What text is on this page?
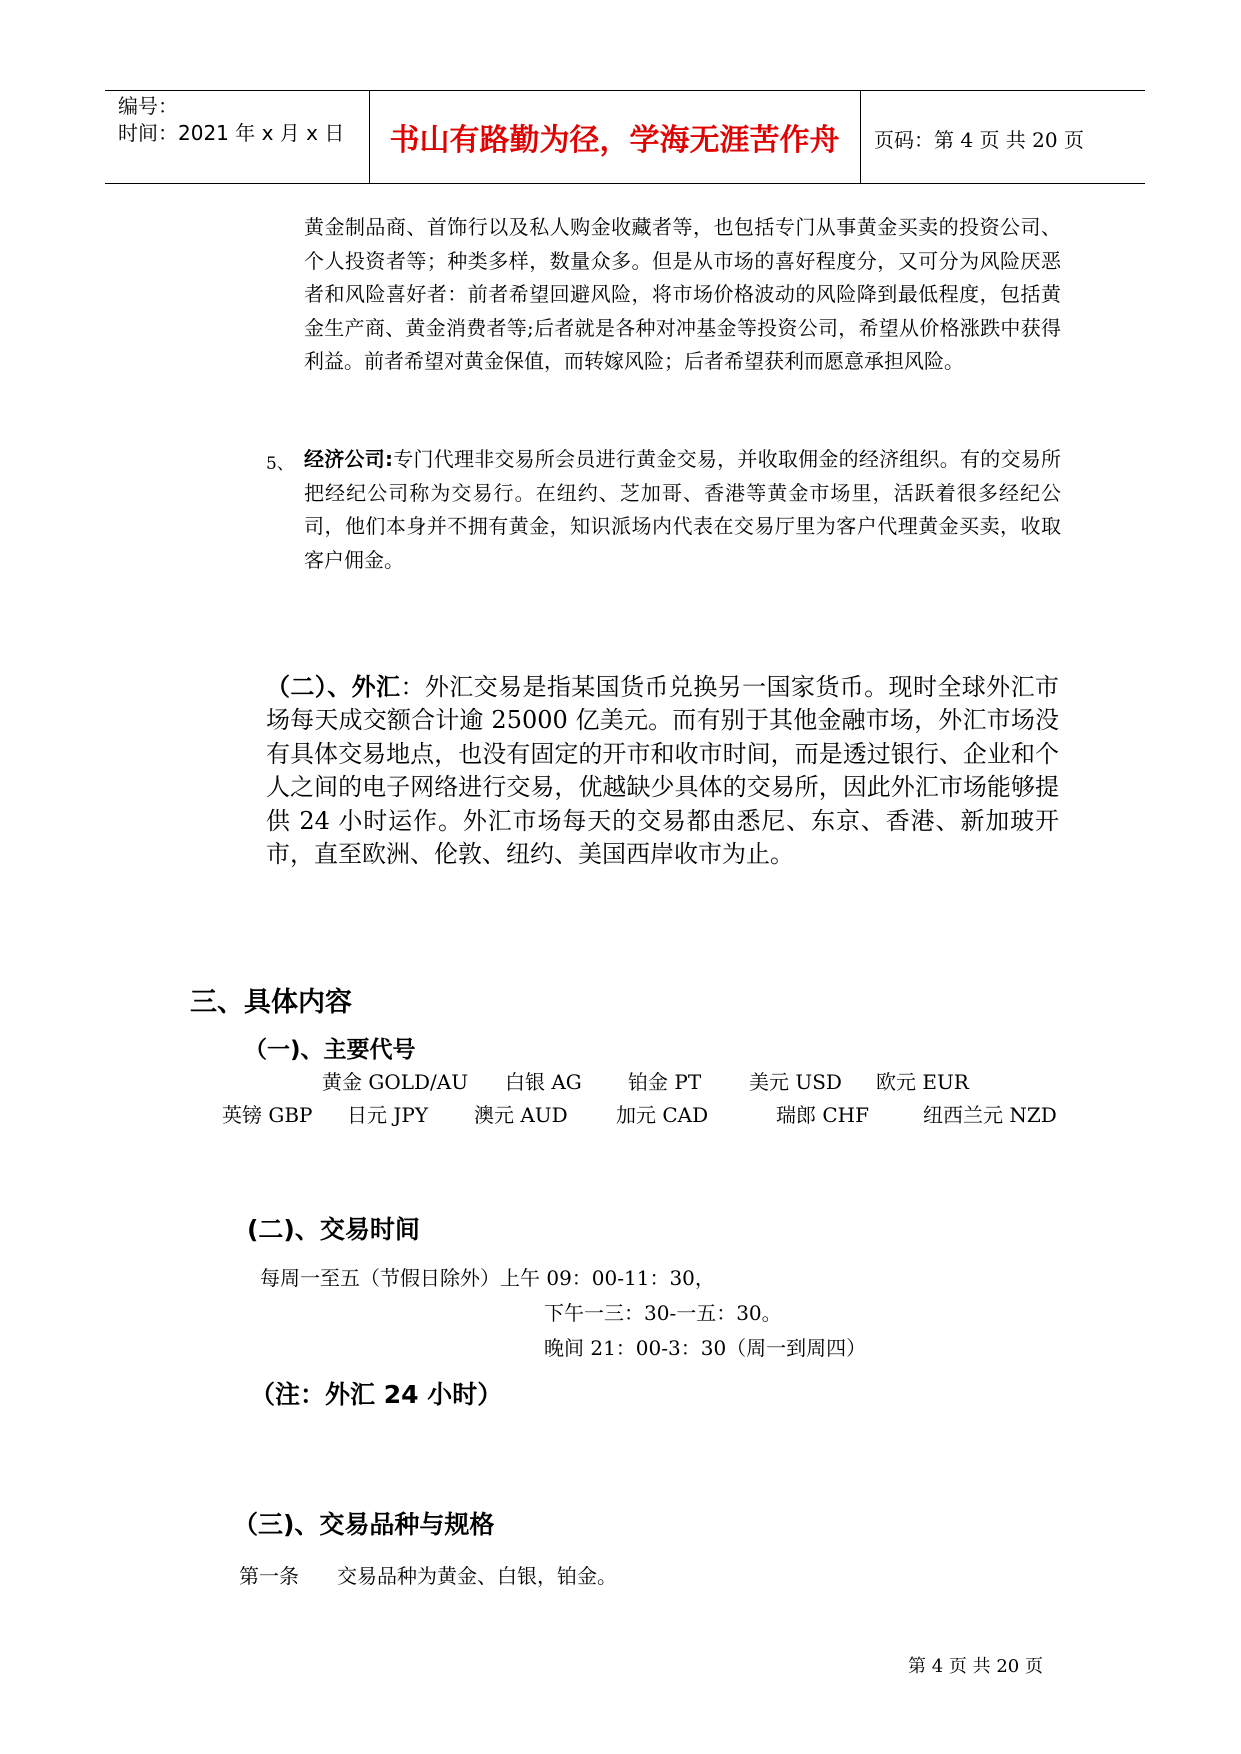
编号：
时间：2021 年 x 月 x 日	书山有路勤为径，学海无涯苦作舟	页码：第 4 页 共 20 页
黄金制品商、首饰行以及私人购金收藏者等，也包括专门从事黄金买卖的投资公司、个人投资者等；种类多样，数量众多。但是从市场的喜好程度分，又可分为风险厌恶者和风险喜好者：前者希望回避风险，将市场价格波动的风险降到最低程度，包括黄金生产商、黄金消费者等;后者就是各种对冲基金等投资公司，希望从价格涨跌中获得利益。前者希望对黄金保值，而转嫁风险；后者希望获利而愿意承担风险。
5、 经济公司:专门代理非交易所会员进行黄金交易，并收取佣金的经济组织。有的交易所把经纪公司称为交易行。在纽约、芝加哥、香港等黄金市场里，活跃着很多经纪公司，他们本身并不拥有黄金，知识派场内代表在交易厅里为客户代理黄金买卖，收取客户佣金。
（二）、外汇：外汇交易是指某国货币兑换另一国家货币。现时全球外汇市场每天成交额合计逾 25000 亿美元。而有别于其他金融市场，外汇市场没有具体交易地点，也没有固定的开市和收市时间，而是透过银行、企业和个人之间的电子网络进行交易，优越缺少具体的交易所，因此外汇市场能够提供 24 小时运作。外汇市场每天的交易都由悉尼、东京、香港、新加玻开市，直至欧洲、伦敦、纽约、美国西岸收市为止。
三、具体内容
（一)、主要代号
黄金 GOLD/AU 白银 AG 铂金 PT 美元 USD 欧元 EUR
英镑 GBP 日元 JPY 澳元 AUD 加元 CAD	瑞郎 CHF	纽西兰元 NZD
(二)、交易时间
每周一至五（节假日除外）上午 09：00-11：30，
下午一三：30-一五：30。
晚间 21：00-3：30（周一到周四）
（注：外汇 24 小时）
（三)、交易品种与规格
第一条 交易品种为黄金、白银，铂金。
第 4 页 共 20 页
